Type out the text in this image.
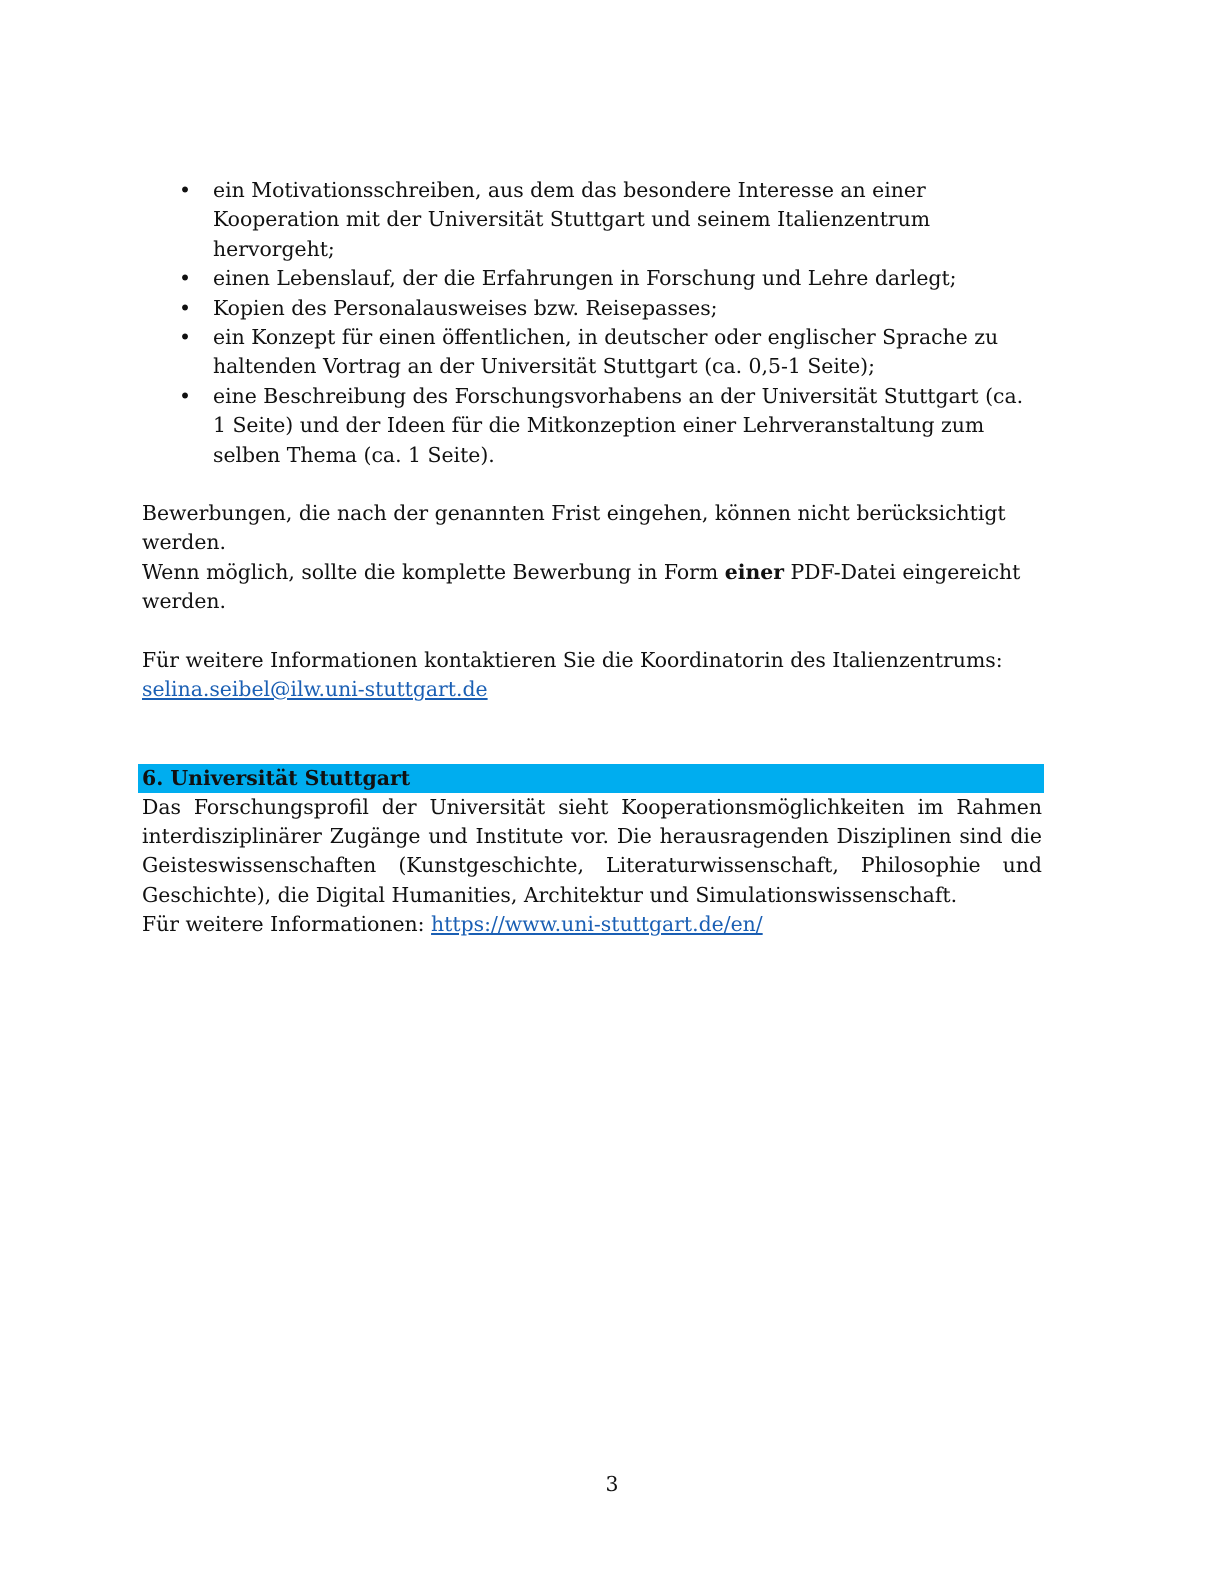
• ein Motivationsschreiben, aus dem das besondere Interesse an einer Kooperation mit der Universität Stuttgart und seinem Italienzentrum hervorgeht;
• einen Lebenslauf, der die Erfahrungen in Forschung und Lehre darlegt;
• Kopien des Personalausweises bzw. Reisepasses;
• ein Konzept für einen öffentlichen, in deutscher oder englischer Sprache zu haltenden Vortrag an der Universität Stuttgart (ca. 0,5-1 Seite);
• eine Beschreibung des Forschungsvorhabens an der Universität Stuttgart (ca. 1 Seite) und der Ideen für die Mitkonzeption einer Lehrveranstaltung zum selben Thema (ca. 1 Seite).
Bewerbungen, die nach der genannten Frist eingehen, können nicht berücksichtigt werden.
Wenn möglich, sollte die komplette Bewerbung in Form einer PDF-Datei eingereicht werden.
Für weitere Informationen kontaktieren Sie die Koordinatorin des Italienzentrums:
selina.seibel@ilw.uni-stuttgart.de
6. Universität Stuttgart
Das Forschungsprofil der Universität sieht Kooperationsmöglichkeiten im Rahmen interdisziplinärer Zugänge und Institute vor. Die herausragenden Disziplinen sind die Geisteswissenschaften (Kunstgeschichte, Literaturwissenschaft, Philosophie und Geschichte), die Digital Humanities, Architektur und Simulationswissenschaft.
Für weitere Informationen: https://www.uni-stuttgart.de/en/
3
